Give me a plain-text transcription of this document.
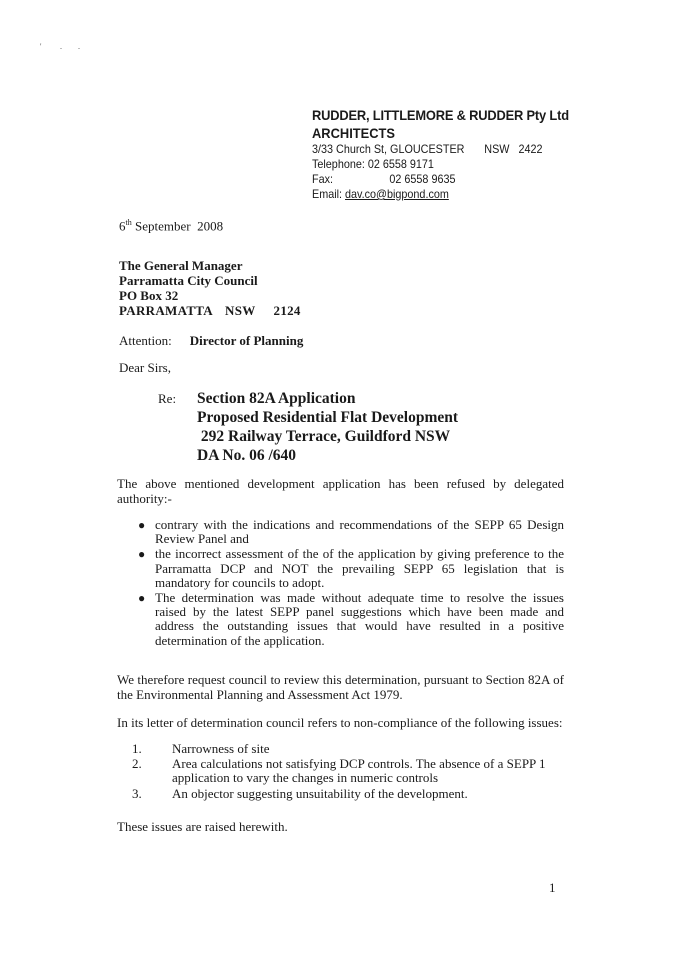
' . .
RUDDER, LITTLEMORE & RUDDER Pty Ltd
ARCHITECTS
3/33 Church St, GLOUCESTER NSW   2422
Telephone: 02 6558 9171
Fax:	02 6558 9635
Email: dav.co@bigpond.com
6th September  2008
The General Manager
Parramatta City Council
PO Box 32
PARRAMATTA NSW 2124
Attention: Director of Planning
Dear Sirs,
Re: Section 82A Application
Proposed Residential Flat Development
292 Railway Terrace, Guildford NSW
DA No. 06 /640
The above mentioned development application has been refused by delegated authority:-
● contrary with the indications and recommendations of the SEPP 65 Design Review Panel and
● the incorrect assessment of the of the application by giving preference to the Parramatta DCP and NOT the prevailing SEPP 65 legislation that is mandatory for councils to adopt.
● The determination was made without adequate time to resolve the issues raised by the latest SEPP panel suggestions which have been made and address the outstanding issues that would have resulted in a positive determination of the application.
We therefore request council to review this determination, pursuant to Section 82A of the Environmental Planning and Assessment Act 1979.
In its letter of determination council refers to non-compliance of the following issues:
1. Narrowness of site
2. Area calculations not satisfying DCP controls. The absence of a SEPP 1 application to vary the changes in numeric controls
3. An objector suggesting unsuitability of the development.
These issues are raised herewith.
1
